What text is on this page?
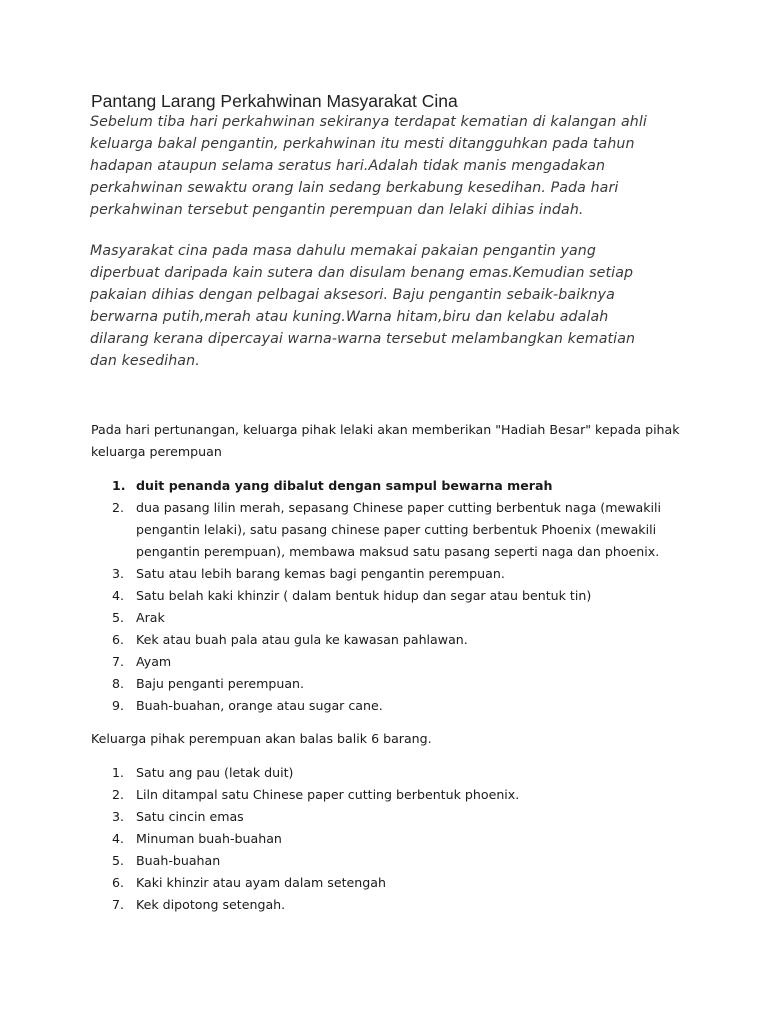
Pantang Larang Perkahwinan Masyarakat Cina
Sebelum tiba hari perkahwinan sekiranya terdapat kematian di kalangan ahli
keluarga bakal pengantin, perkahwinan itu mesti ditangguhkan pada tahun
hadapan ataupun selama seratus hari.Adalah tidak manis mengadakan
perkahwinan sewaktu orang lain sedang berkabung kesedihan. Pada hari
perkahwinan tersebut pengantin perempuan dan lelaki dihias indah.
Masyarakat cina pada masa dahulu memakai pakaian pengantin yang
diperbuat daripada kain sutera dan disulam benang emas.Kemudian setiap
pakaian dihias dengan pelbagai aksesori. Baju pengantin sebaik-baiknya
berwarna putih,merah atau kuning.Warna hitam,biru dan kelabu adalah
dilarang kerana dipercayai warna-warna tersebut melambangkan kematian
dan kesedihan.
Pada hari pertunangan, keluarga pihak lelaki akan memberikan "Hadiah Besar" kepada pihak
keluarga perempuan
1. duit penanda yang dibalut dengan sampul bewarna merah
2. dua pasang lilin merah, sepasang Chinese paper cutting berbentuk naga (mewakili
pengantin lelaki), satu pasang chinese paper cutting berbentuk Phoenix (mewakili
pengantin perempuan), membawa maksud satu pasang seperti naga dan phoenix.
3. Satu atau lebih barang kemas bagi pengantin perempuan.
4. Satu belah kaki khinzir ( dalam bentuk hidup dan segar atau bentuk tin)
5. Arak
6. Kek atau buah pala atau gula ke kawasan pahlawan.
7. Ayam
8. Baju penganti perempuan.
9. Buah-buahan, orange atau sugar cane.
Keluarga pihak perempuan akan balas balik 6 barang.
1. Satu ang pau (letak duit)
2. Liln ditampal satu Chinese paper cutting berbentuk phoenix.
3. Satu cincin emas
4. Minuman buah-buahan
5. Buah-buahan
6. Kaki khinzir atau ayam dalam setengah
7. Kek dipotong setengah.
